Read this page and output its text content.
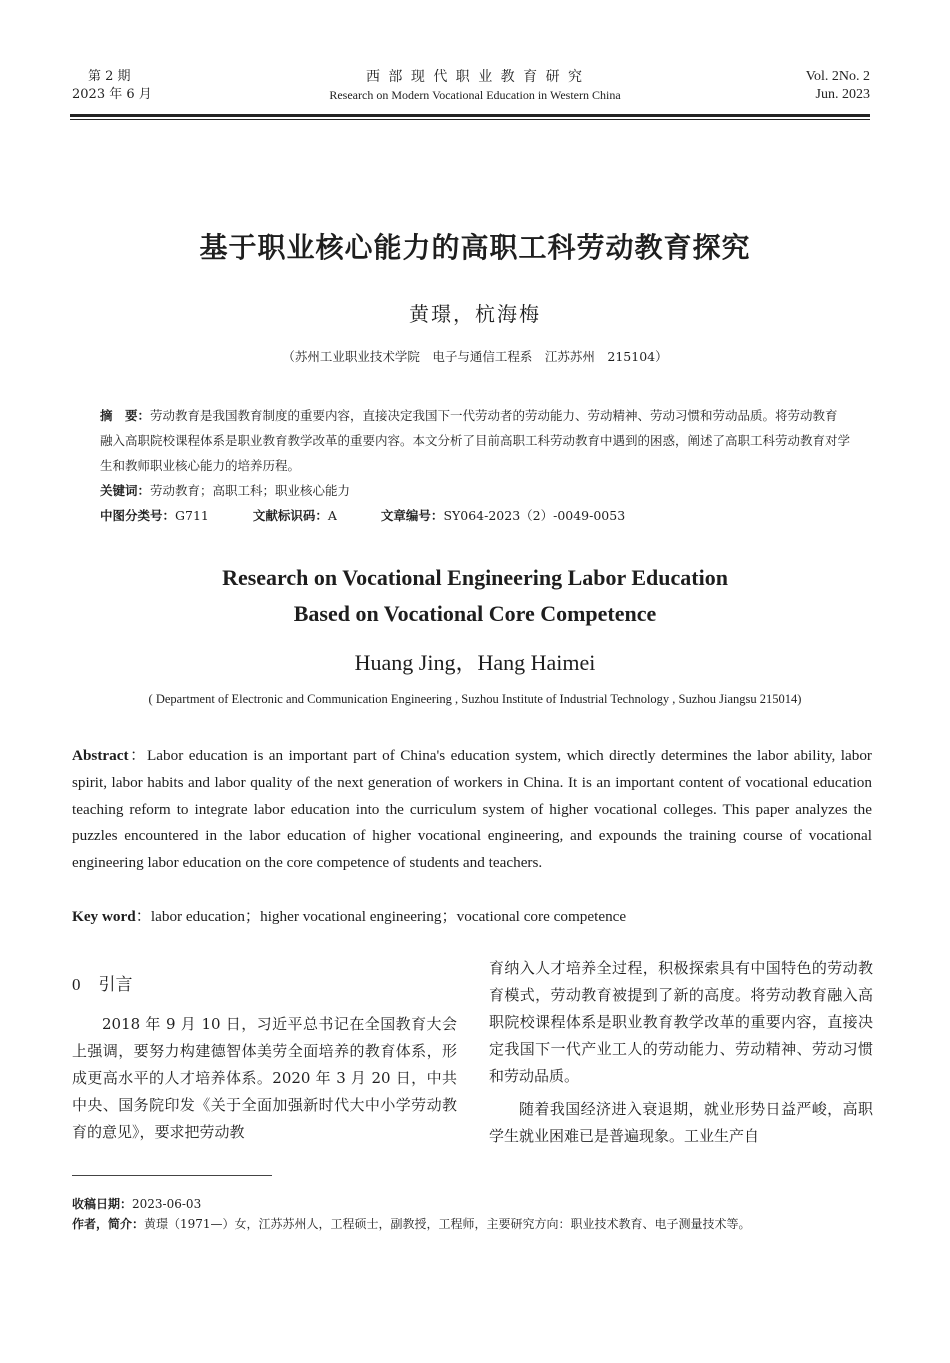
第 2 期
2023 年 6 月
西 部 现 代 职 业 教 育 研 究
Research on Modern Vocational Education in Western China
Vol. 2No. 2
Jun. 2023
基于职业核心能力的高职工科劳动教育探究
黄璟，杭海梅
（苏州工业职业技术学院　电子与通信工程系　江苏苏州　215104）
摘　要：劳动教育是我国教育制度的重要内容，直接决定我国下一代劳动者的劳动能力、劳动精神、劳动习惯和劳动品质。将劳动教育融入高职院校课程体系是职业教育教学改革的重要内容。本文分析了目前高职工科劳动教育中遇到的困惑，阐述了高职工科劳动教育对学生和教师职业核心能力的培养历程。
关键词：劳动教育；高职工科；职业核心能力
中图分类号：G711	文献标识码：A	文章编号：SY064-2023（2）-0049-0053
Research on Vocational Engineering Labor Education
Based on Vocational Core Competence
Huang Jing，Hang Haimei
( Department of Electronic and Communication Engineering , Suzhou Institute of Industrial Technology , Suzhou Jiangsu 215014)
Abstract：Labor education is an important part of China's education system, which directly determines the labor ability, labor spirit, labor habits and labor quality of the next generation of workers in China. It is an important content of vocational education teaching reform to integrate labor education into the curriculum system of higher vocational colleges. This paper analyzes the puzzles encountered in the labor education of higher vocational engineering, and expounds the training course of vocational engineering labor education on the core competence of students and teachers.
Key word：labor education；higher vocational engineering；vocational core competence
0 引言

2018 年 9 月 10 日，习近平总书记在全国教育大会上强调，要努力构建德智体美劳全面培养的教育体系，形成更高水平的人才培养体系。2020 年 3 月 20 日，中共中央、国务院印发《关于全面加强新时代大中小学劳动教育的意见》，要求把劳动教

育纳入人才培养全过程，积极探索具有中国特色的劳动教育模式，劳动教育被提到了新的高度。将劳动教育融入高职院校课程体系是职业教育教学改革的重要内容，直接决定我国下一代产业工人的劳动能力、劳动精神、劳动习惯和劳动品质。

随着我国经济进入衰退期，就业形势日益严峻，高职学生就业困难已是普遍现象。工业生产自

收稿日期：2023-06-03
作者，简介：黄璟（1971—）女，江苏苏州人，工程硕士，副教授，工程师，主要研究方向：职业技术教育、电子测量技术等。
